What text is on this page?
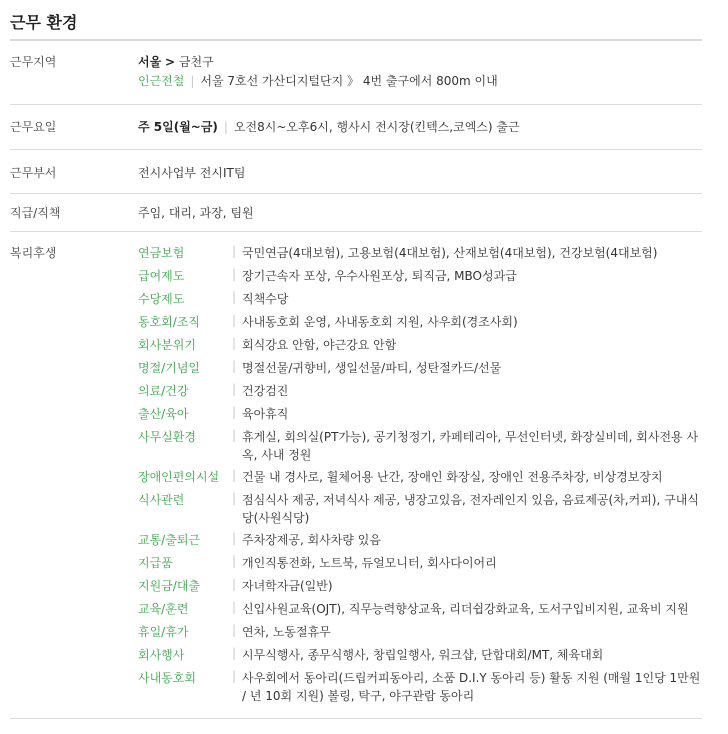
근무 환경
근무지역	서울 > 금천구
인근전철 | 서울 7호선 가산디지털단지 》 4번 출구에서 800m 이내
근무요일	주 5일(월~금) | 오전8시~오후6시, 행사시 전시장(킨텍스,코엑스) 출근
근무부서	전시사업부 전시IT팀
직급/직책	주임, 대리, 과장, 팀원
복리후생	연금보험	| 국민연금(4대보험), 고용보험(4대보험), 산재보험(4대보험), 건강보험(4대보험)
급여제도	| 장기근속자 포상, 우수사원포상, 퇴직금, MBO성과급
수당제도	| 직책수당
동호회/조직	| 사내동호회 운영, 사내동호회 지원, 사우회(경조사회)
회사분위기	| 회식강요 안함, 야근강요 안함
명절/기념일	| 명절선물/귀향비, 생일선물/파티, 성탄절카드/선물
의료/건강	| 건강검진
출산/육아	| 육아휴직
사무실환경	| 휴게실, 회의실(PT가능), 공기청정기, 카페테리아, 무선인터넷, 화장실비데, 회사전용 사옥, 사내 정원
장애인편의시설 | 건물 내 경사로, 휠체어용 난간, 장애인 화장실, 장애인 전용주차장, 비상경보장치
식사관련	| 점심식사 제공, 저녁식사 제공, 냉장고있음, 전자레인지 있음, 음료제공(차,커피), 구내식당(사원식당)
교통/출퇴근	| 주차장제공, 회사차량 있음
지급품	| 개인직통전화, 노트북, 듀얼모니터, 회사다이어리
지원금/대출	| 자녀학자금(일반)
교육/훈련	| 신입사원교육(OJT), 직무능력향상교육, 리더쉽강화교육, 도서구입비지원, 교육비 지원
휴일/휴가	| 연차, 노동절휴무
회사행사	| 시무식행사, 종무식행사, 창립일행사, 워크샵, 단합대회/MT, 체육대회
사내동호회	| 사우회에서 동아리(드립커피동아리, 소품 D.I.Y 동아리 등) 활동 지원 (매월 1인당 1만원 / 년 10회 지원) 볼링, 탁구, 야구관람 동아리
